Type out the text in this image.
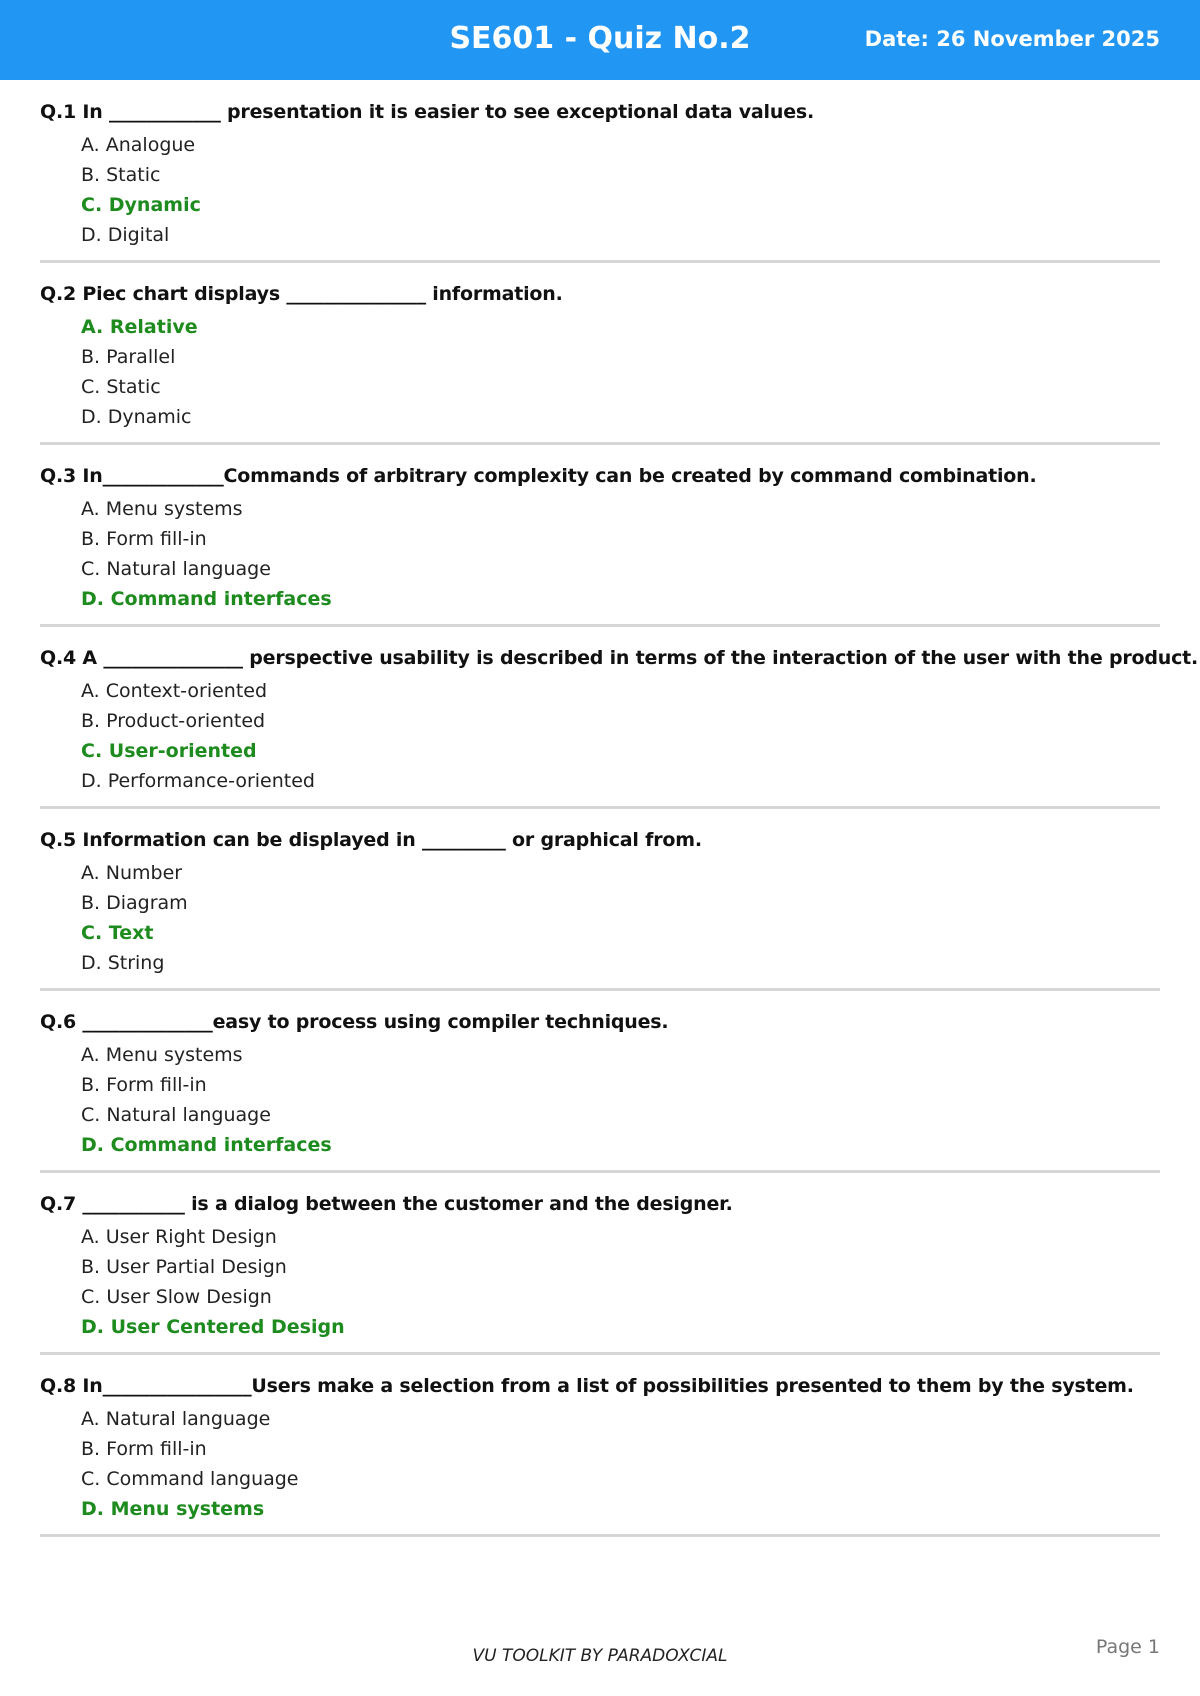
SE601 - Quiz No.2	Date: 26 November 2025
Q.1 In ____________ presentation it is easier to see exceptional data values.
A. Analogue
B. Static
C. Dynamic
D. Digital
Q.2 Piec chart displays _______________ information.
A. Relative
B. Parallel
C. Static
D. Dynamic
Q.3 In_____________Commands of arbitrary complexity can be created by command combination.
A. Menu systems
B. Form fill-in
C. Natural language
D. Command interfaces
Q.4 A _______________ perspective usability is described in terms of the interaction of the user with the product.
A. Context-oriented
B. Product-oriented
C. User-oriented
D. Performance-oriented
Q.5 Information can be displayed in _________ or graphical from.
A. Number
B. Diagram
C. Text
D. String
Q.6 ______________easy to process using compiler techniques.
A. Menu systems
B. Form fill-in
C. Natural language
D. Command interfaces
Q.7 ___________ is a dialog between the customer and the designer.
A. User Right Design
B. User Partial Design
C. User Slow Design
D. User Centered Design
Q.8 In________________Users make a selection from a list of possibilities presented to them by the system.
A. Natural language
B. Form fill-in
C. Command language
D. Menu systems
VU TOOLKIT BY PARADOXCIAL	Page 1
